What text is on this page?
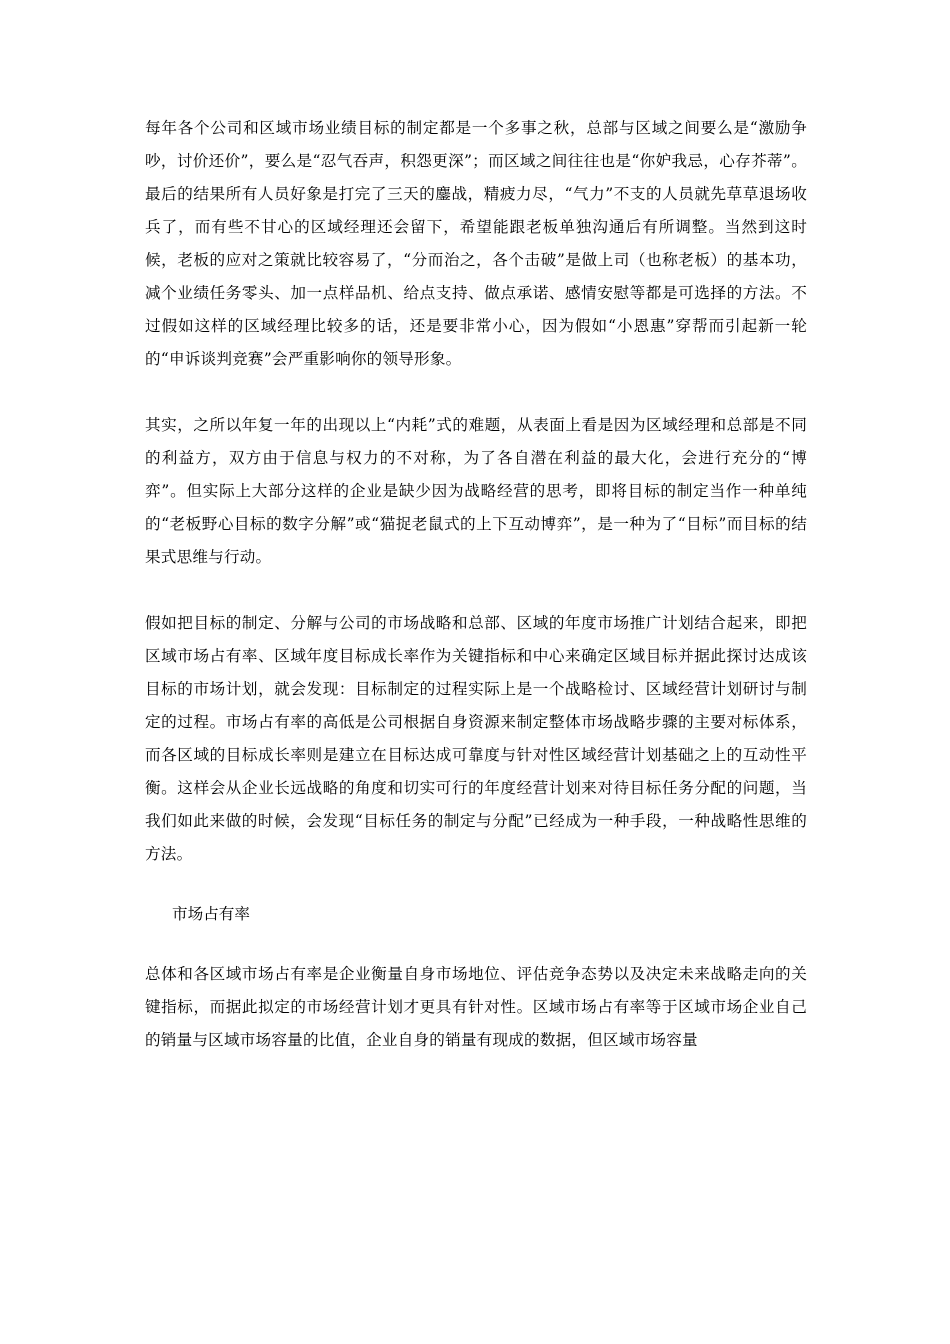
每年各个公司和区域市场业绩目标的制定都是一个多事之秋，总部与区域之间要么是“激励争吵，讨价还价”，要么是“忍气吞声，积怨更深”；而区域之间往往也是“你妒我忌，心存芥蒂”。最后的结果所有人员好象是打完了三天的鏖战，精疲力尽，“气力”不支的人员就先草草退场收兵了，而有些不甘心的区域经理还会留下，希望能跟老板单独沟通后有所调整。当然到这时候，老板的应对之策就比较容易了，“分而治之，各个击破”是做上司（也称老板）的基本功，减个业绩任务零头、加一点样品机、给点支持、做点承诺、感情安慰等都是可选择的方法。不过假如这样的区域经理比较多的话，还是要非常小心，因为假如“小恩惠”穿帮而引起新一轮的“申诉谈判竞赛”会严重影响你的领导形象。

其实，之所以年复一年的出现以上“内耗”式的难题，从表面上看是因为区域经理和总部是不同的利益方，双方由于信息与权力的不对称，为了各自潜在利益的最大化，会进行充分的“博弈”。但实际上大部分这样的企业是缺少因为战略经营的思考，即将目标的制定当作一种单纯的“老板野心目标的数字分解”或“猫捉老鼠式的上下互动博弈”，是一种为了“目标”而目标的结果式思维与行动。

假如把目标的制定、分解与公司的市场战略和总部、区域的年度市场推广计划结合起来，即把区域市场占有率、区域年度目标成长率作为关键指标和中心来确定区域目标并据此探讨达成该目标的市场计划，就会发现：目标制定的过程实际上是一个战略检讨、区域经营计划研讨与制定的过程。市场占有率的高低是公司根据自身资源来制定整体市场战略步骤的主要对标体系，而各区域的目标成长率则是建立在目标达成可靠度与针对性区域经营计划基础之上的互动性平衡。这样会从企业长远战略的角度和切实可行的年度经营计划来对待目标任务分配的问题，当我们如此来做的时候，会发现“目标任务的制定与分配”已经成为一种手段，一种战略性思维的方法。

市场占有率

总体和各区域市场占有率是企业衡量自身市场地位、评估竞争态势以及决定未来战略走向的关键指标，而据此拟定的市场经营计划才更具有针对性。区域市场占有率等于区域市场企业自己的销量与区域市场容量的比值，企业自身的销量有现成的数据，但区域市场容量
